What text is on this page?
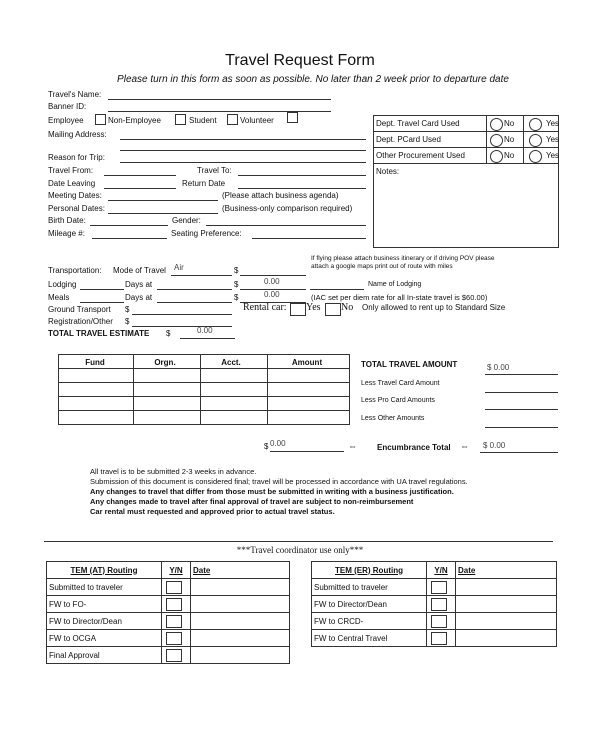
Travel Request Form
Please turn in this form as soon as possible. No later than 2 week prior to departure date
Travel's Name:
Banner ID:
Employee	Non-Employee	Student	Volunteer
Mailing Address:
Reason for Trip:
Travel From:	Travel To:
Date Leaving	Return Date
Meeting Dates:	(Please attach business agenda)
Personal Dates:	(Business-only comparison required)
Birth Date:	Gender:
Mileage #:	Seating Preference:
Dept. Travel Card Used	No	Yes

Dept. PCard Used	No	Yes

Other Procurement Used	No	Yes

Notes:		
If flying please attach business itinerary or if driving POV please
attach a google maps print out of route with miles
Transportation: Mode of Travel Air	$
Lodging	Days at	$	0.00	Name of Lodging
Meals	Days at	$	0.00	(IAC set per diem rate for all In-state travel is $60.00)
Ground Transport $	Rental car: Yes No Only allowed to rent up to Standard Size
Registration/Other $
TOTAL TRAVEL ESTIMATE $	0.00
Fund	Orgn.	Acct.	Amount

$ 0.00	⇔
TOTAL TRAVEL AMOUNT	$ 0.00
Less Travel Card Amount
Less Pro Card Amounts
Less Other Amounts
Encumbrance Total ⇔ $ 0.00
All travel is to be submitted 2-3 weeks in advance.
Submission of this document is considered final; travel will be processed in accordance with UA travel regulations.
Any changes to travel that differ from those must be submitted in writing with a business justification.
Any changes made to travel after final approval of travel are subject to non-reimbursement
Car rental must requested and approved prior to actual travel status.
***Travel coordinator use only***
TEM (AT) Routing	Y/N	Date
Submitted to traveler	

FW to FO-	

FW to Director/Dean	

FW to OCGA	

Final Approval	

TEM (ER) Routing	Y/N	Date
Submitted to traveler	

FW to Director/Dean	

FW to CRCD-	

FW to Central Travel	
